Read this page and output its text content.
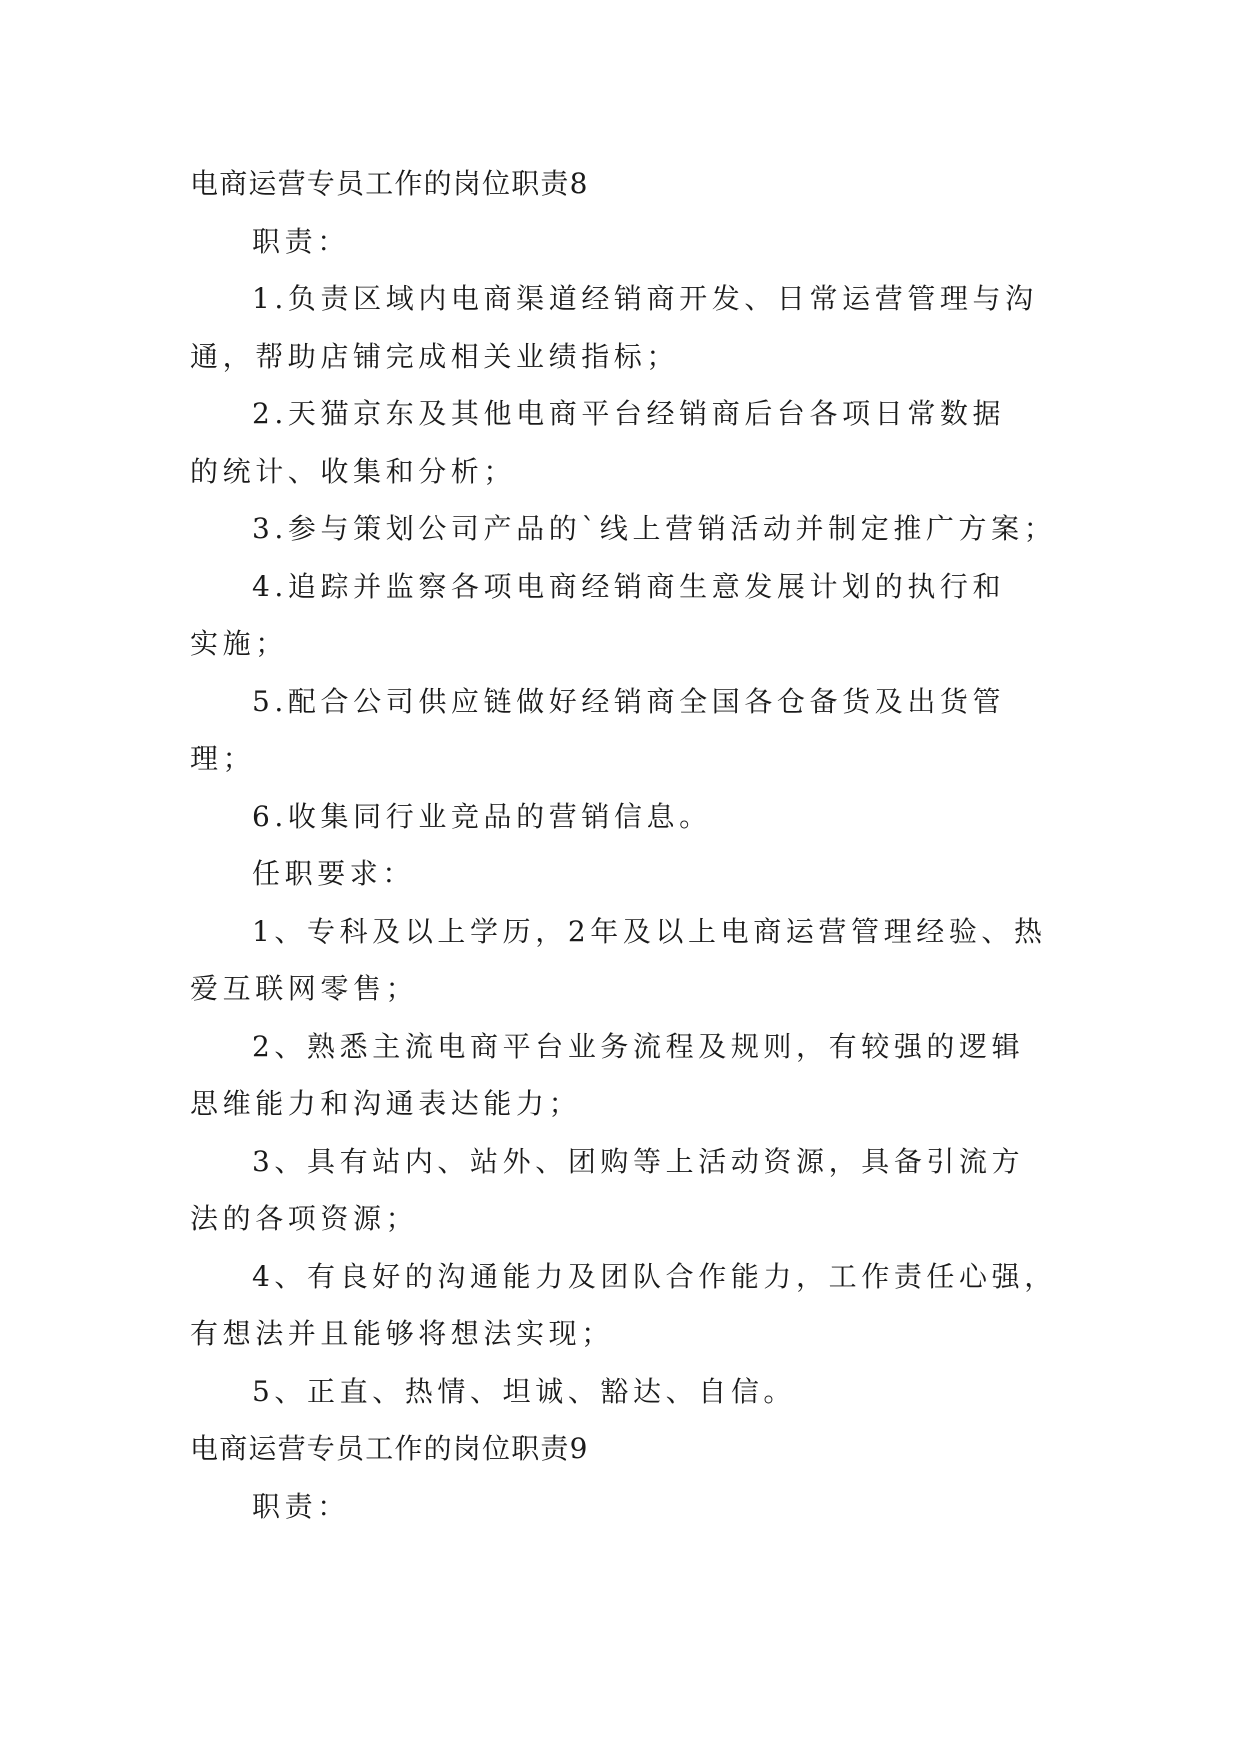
电商运营专员工作的岗位职责8
职责：
1.负责区域内电商渠道经销商开发、日常运营管理与沟
通，帮助店铺完成相关业绩指标；
2.天猫京东及其他电商平台经销商后台各项日常数据
的统计、收集和分析；
3.参与策划公司产品的`线上营销活动并制定推广方案；
4.追踪并监察各项电商经销商生意发展计划的执行和
实施；
5.配合公司供应链做好经销商全国各仓备货及出货管
理；
6.收集同行业竞品的营销信息。
任职要求：
1、专科及以上学历，2年及以上电商运营管理经验、热
爱互联网零售；
2、熟悉主流电商平台业务流程及规则，有较强的逻辑
思维能力和沟通表达能力；
3、具有站内、站外、团购等上活动资源，具备引流方
法的各项资源；
4、有良好的沟通能力及团队合作能力，工作责任心强，
有想法并且能够将想法实现；
5、正直、热情、坦诚、豁达、自信。
电商运营专员工作的岗位职责9
职责：
